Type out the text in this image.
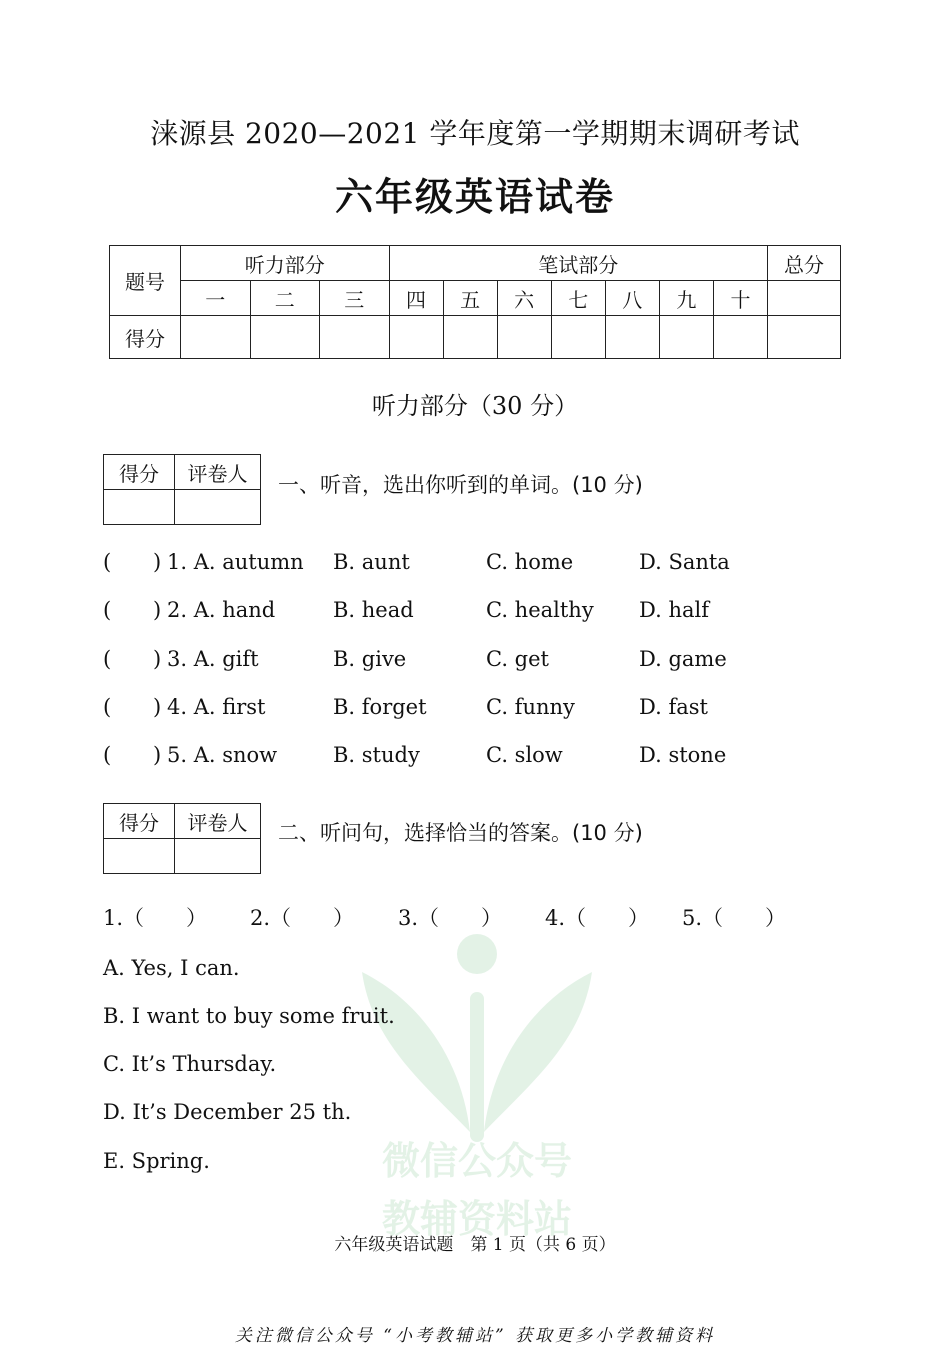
涞源县 2020—2021 学年度第一学期期末调研考试
六年级英语试卷
题号	听力部分			笔试部分							总分
	一	二	三	四	五	六	七	八	九	十	
得分											
听力部分（30 分）
得分	评卷人
	一、听音，选出你听到的单词。(10 分)
( ) 1. A. autumn B. aunt	C. home	D. Santa
( ) 2. A. hand	B. head	C. healthy D. half
( ) 3. A. gift	B. give	C. get	D. game
( ) 4. A. first	B. forget	C. funny	D. fast
( ) 5. A. snow	B. study	C. slow	D. stone
得分	评卷人
	二、听问句，选择恰当的答案。(10 分)
1.（　　） 2.（　　） 3.（　　） 4.（　　） 5.（　　）
微信公众号
教辅资料站
A. Yes, I can.
B. I want to buy some fruit.
C. It’s Thursday.
D. It’s December 25 th.
E. Spring.
六年级英语试题　第 1 页（共 6 页）
关注微信公众号 “小考教辅站” 获取更多小学教辅资料
